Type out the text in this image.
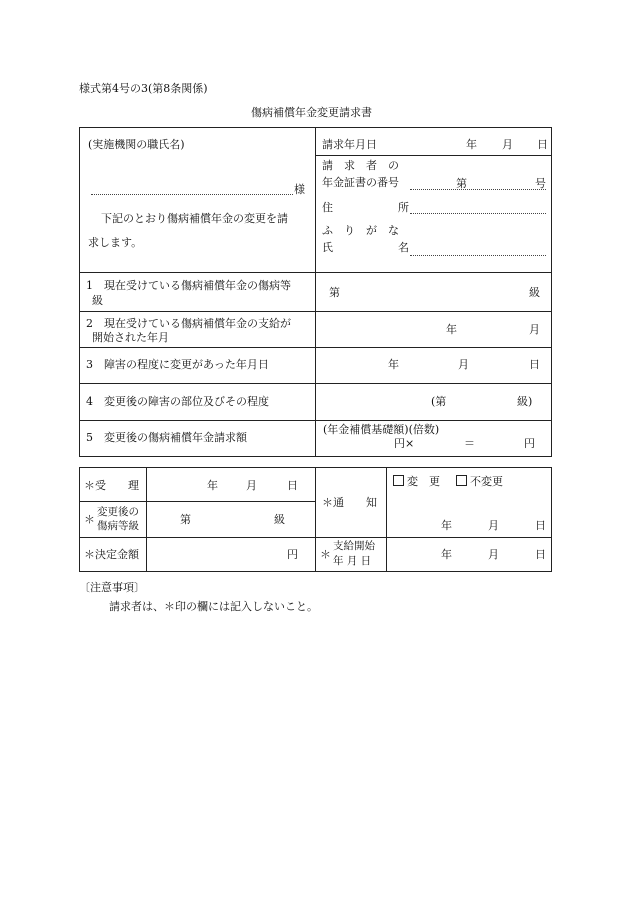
様式第4号の3(第8条関係)
傷病補償年金変更請求書
(実施機関の職氏名)
様
下記のとおり傷病補償年金の変更を請
求します。
請求年月日	年 月 日
請　求　者　の
年金証書の番号	第	号
住	所
ふ　り　が　な
氏	名
1　現在受けている傷病補償年金の傷病等
級
第	級
2　現在受けている傷病補償年金の支給が
開始された年月
年	月
3　障害の程度に変更があった年月日	年	月	日
4　変更後の障害の部位及びその程度	(第	級)
5　変更後の傷病補償年金請求額
(年金補償基礎額)(倍数)
円×	＝	円
＊受　　理	年	月	日
＊
変更後の
傷病等級	第	級
＊決定金額	円
＊通　　知
変　更	不変更
年	月	日
＊
支給開始
年 月 日	年	月	日
〔注意事項〕
請求者は、＊印の欄には記入しないこと。
